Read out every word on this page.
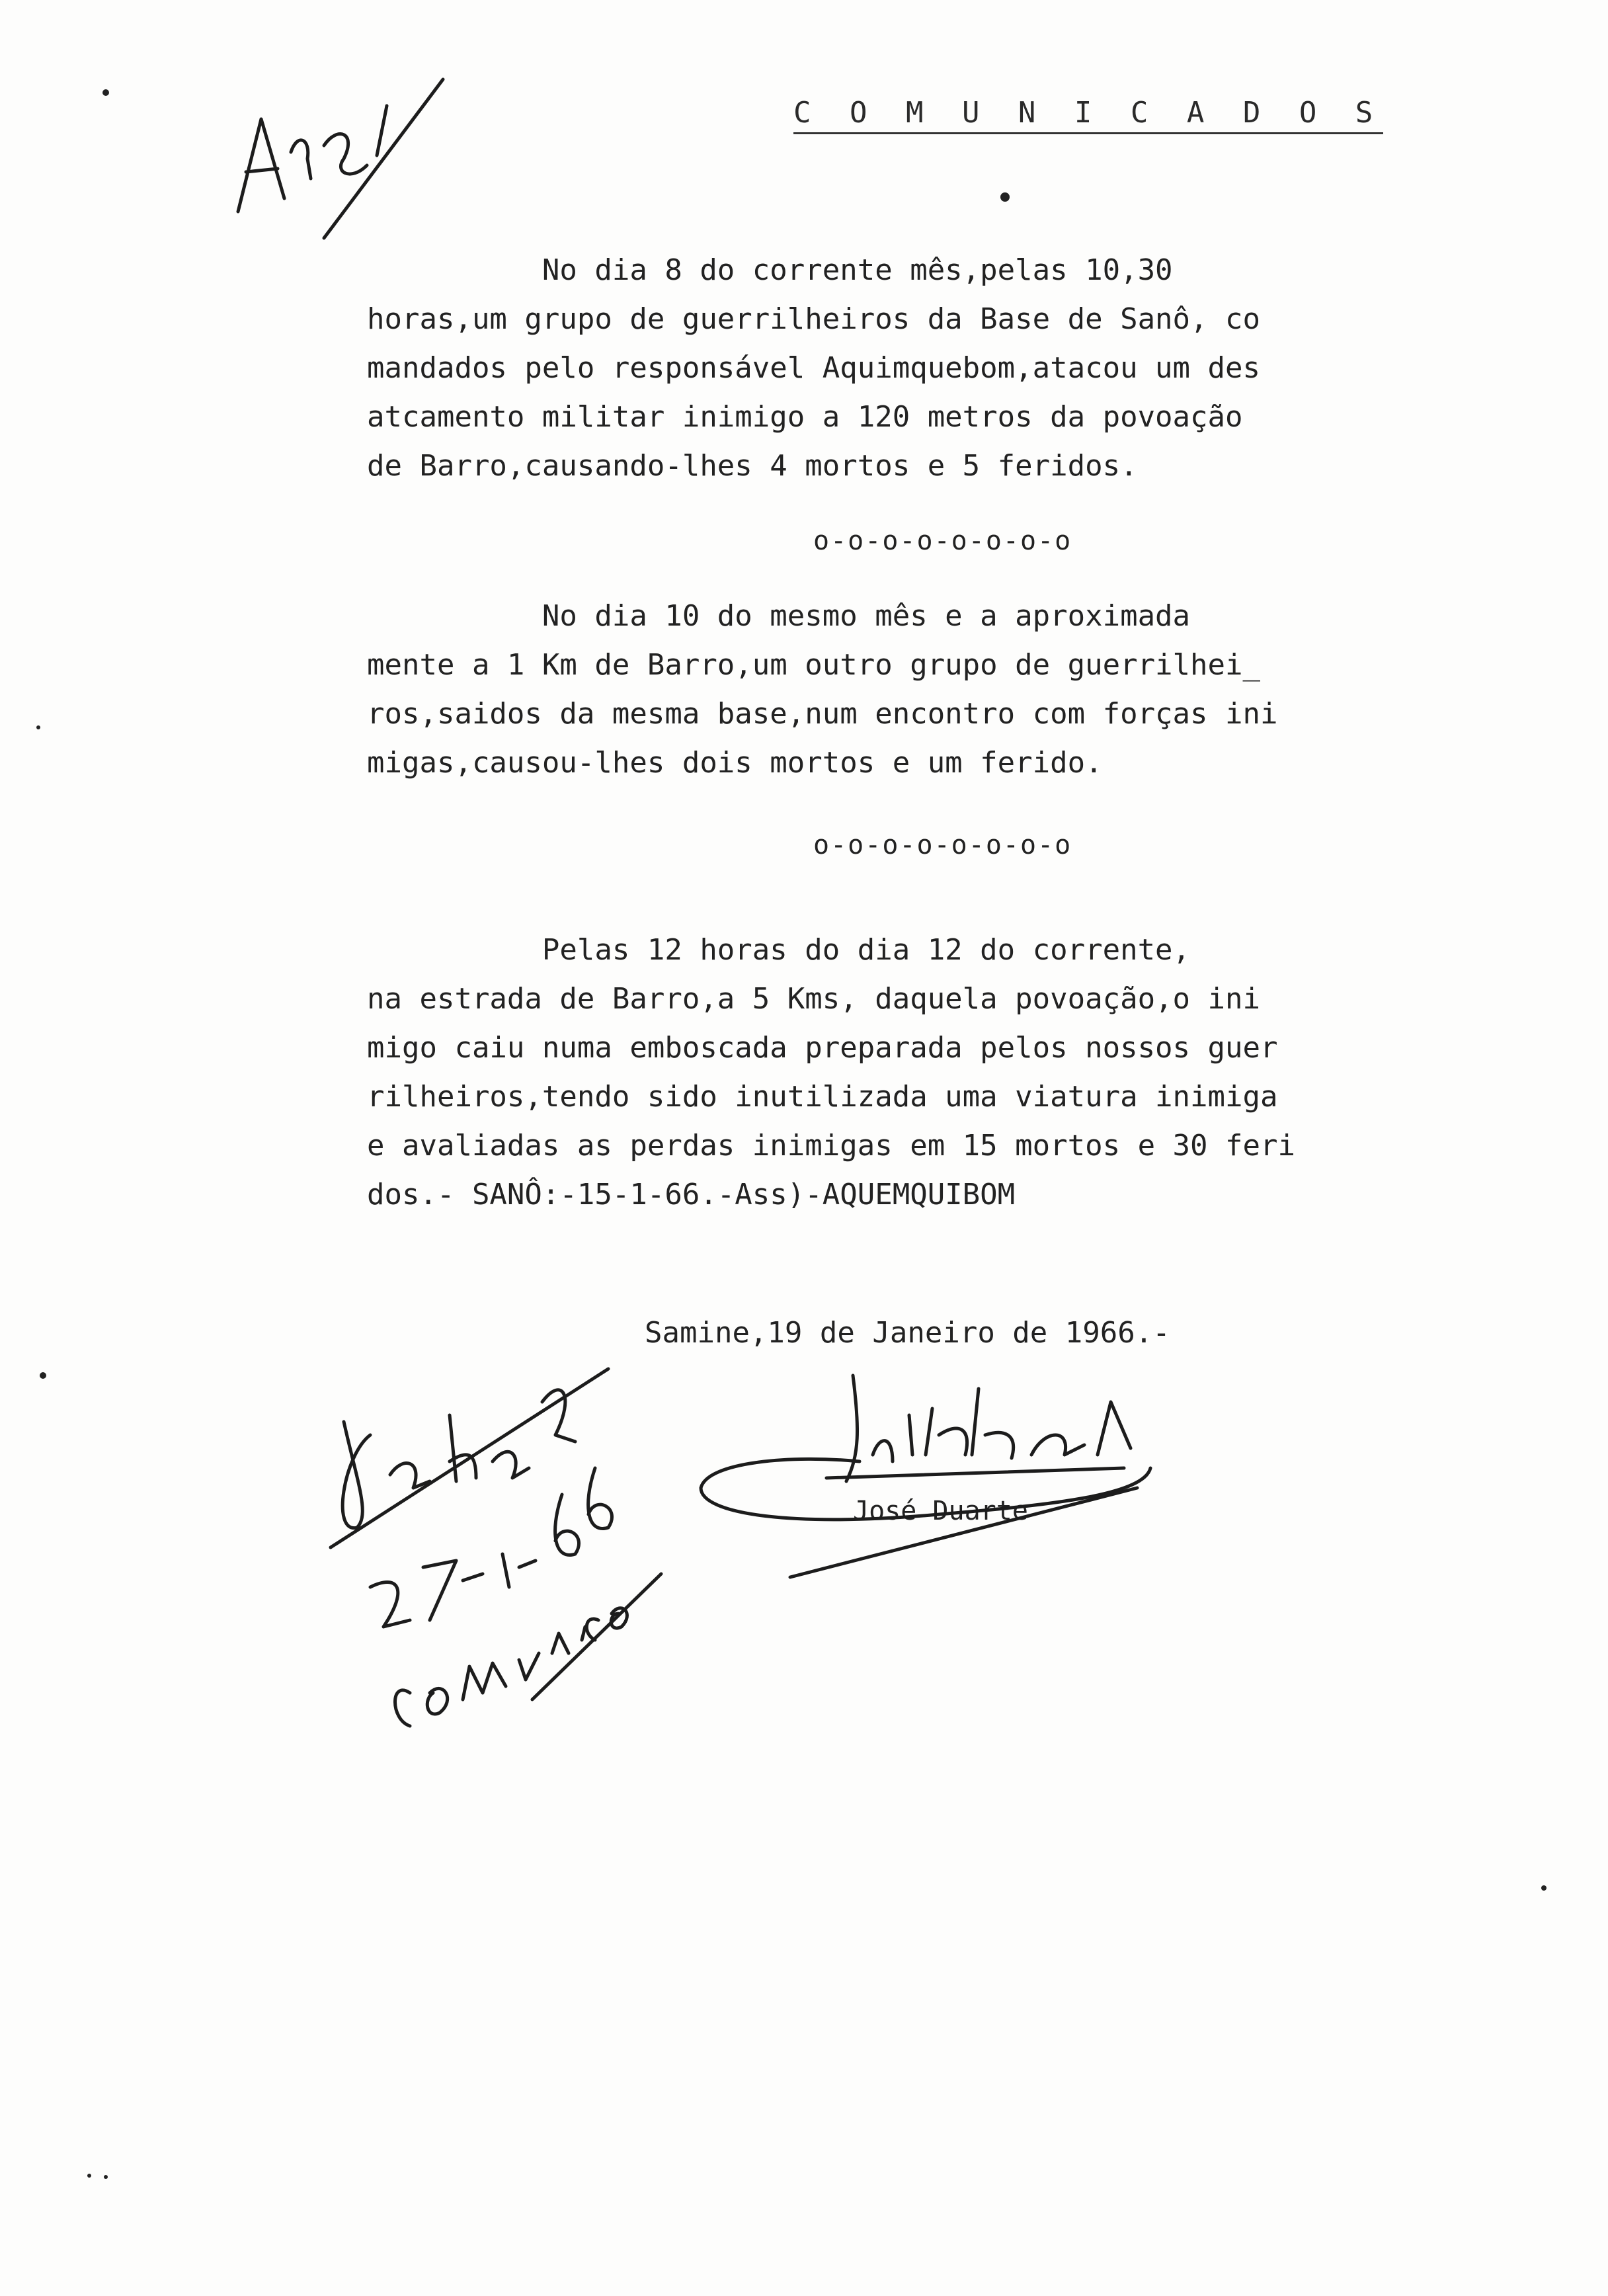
C O M U N I C A D O S
No dia 8 do corrente mês,pelas 10,30
horas,um grupo de guerrilheiros da Base de Sanô, co
mandados pelo responsável Aquimquebom,atacou um des
atcamento militar inimigo a 120 metros da povoação
de Barro,causando-lhes 4 mortos e 5 feridos.
o-o-o-o-o-o-o-o
No dia 10 do mesmo mês e a aproximada
mente a 1 Km de Barro,um outro grupo de guerrilhei_
ros,saidos da mesma base,num encontro com forças ini
migas,causou-lhes dois mortos e um ferido.
o-o-o-o-o-o-o-o
Pelas 12 horas do dia 12 do corrente,
na estrada de Barro,a 5 Kms, daquela povoação,o ini
migo caiu numa emboscada preparada pelos nossos guer
rilheiros,tendo sido inutilizada uma viatura inimiga
e avaliadas as perdas inimigas em 15 mortos e 30 feri
dos.- SANÔ:-15-1-66.-Ass)-AQUEMQUIBOM
Samine,19 de Janeiro de 1966.-
José Duarte
